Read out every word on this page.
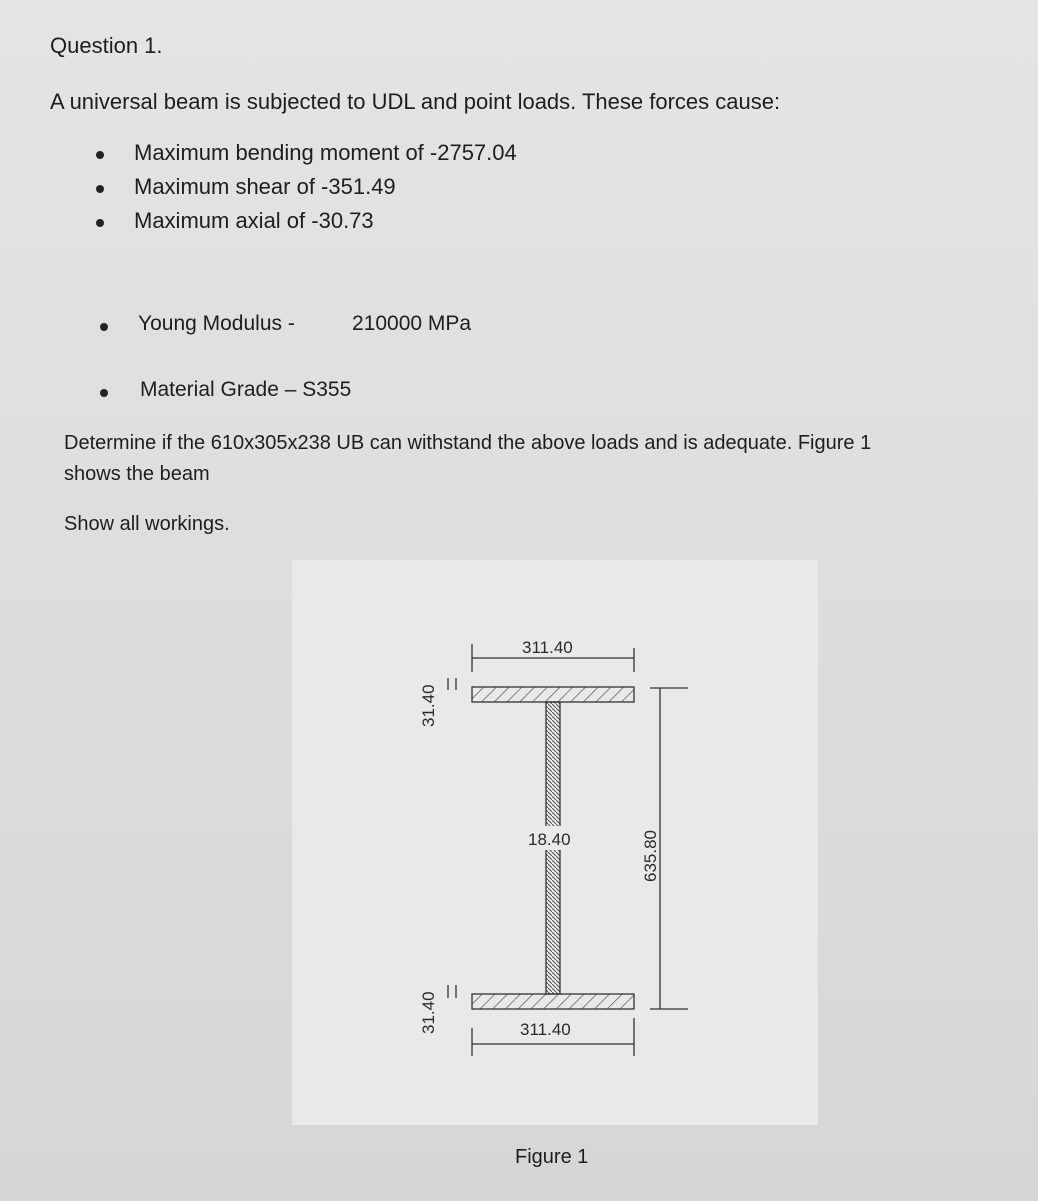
Question 1.
A universal beam is subjected to UDL and point loads. These forces cause:
Maximum bending moment of -2757.04
Maximum shear of -351.49
Maximum axial of -30.73
Young Modulus -	210000 MPa
Material Grade – S355
Determine if the 610x305x238 UB can withstand the above loads and is adequate. Figure 1
shows the beam
Show all workings.
311.40
18.40
311.40
635.80
31.40
31.40
Figure 1
